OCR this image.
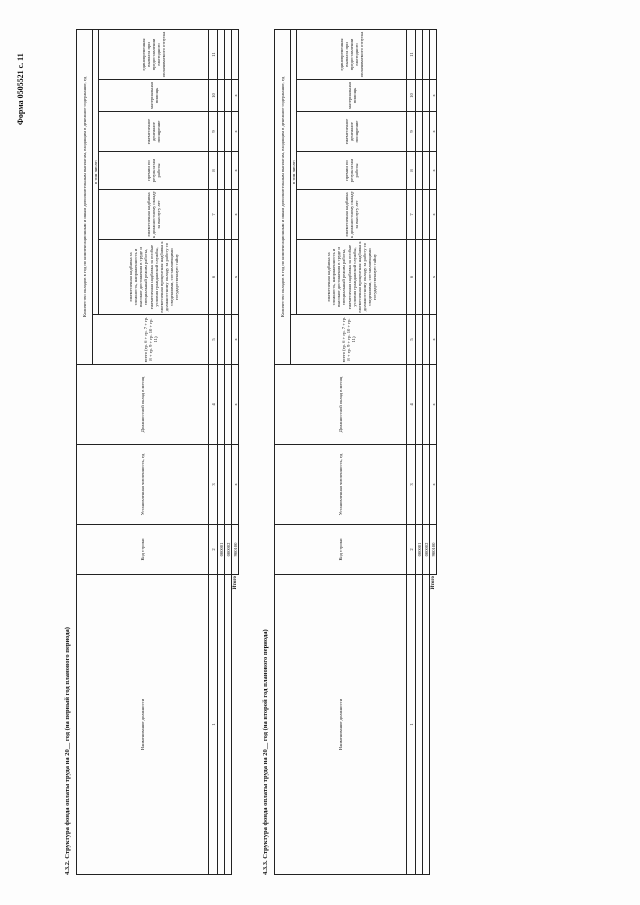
Форма 0505521 с. 11
4.3.2. Структура фонда оплаты труда на 20__ год (на первый год планового периода)	Наименование должности	Код строки	Установленная численность, ед	Должностной оклад в месяц	Количество окладов в год по компенсационным и иным дополнительным выплатам, входящим в денежное содержание, ед						
				всего (гр. 6 + гр. 7 + гр. 8 + гр. 9 + гр. 10 + гр. 11)	в том числе:					
					ежемесячная надбавка за сложность, напряженность и высокие достижения в труде и специальный режим работы, ежемесячная надбавка за особые условия гражданской службы, ежемесячная процентная надбавка к должностному окладу за работу со сведениями, составляющими государственную тайну	ежемесячная надбавка к должностному окладу за выслугу лет	премии по результатам работы	ежемесячное денежное поощрение	материальная помощь	единовременная выплата при предоставлении ежегодного оплачиваемого отпуска
1	2	3	4	5	6	7	8	9	10	11
	000001									
	000002									
Итого	900100	x	x	x	x	x	x	x	x	
4.3.3. Структура фонда оплаты труда на 20__ год (на второй год планового периода)	Наименование должности	Код строки	Установленная численность, ед	Должностной оклад в месяц	Количество окладов в год по компенсационным и иным дополнительным выплатам, входящим в денежное содержание, ед						
				всего (гр. 6 + гр. 7 + гр. 8 + гр. 9 + гр. 10 + гр. 11)	в том числе:					
					ежемесячная надбавка за сложность, напряженность и высокие достижения в труде и специальный режим работы, ежемесячная надбавка за особые условия гражданской службы, ежемесячная процентная надбавка к должностному окладу за работу со сведениями, составляющими государственную тайну	ежемесячная надбавка к должностному окладу за выслугу лет	премии по результатам работы	ежемесячное денежное поощрение	материальная помощь	единовременная выплата при предоставлении ежегодного оплачиваемого отпуска
1	2	3	4	5	6	7	8	9	10	11
	000001									
	000002									
Итого	900100	x	x	x	x	x	x	x	x	
